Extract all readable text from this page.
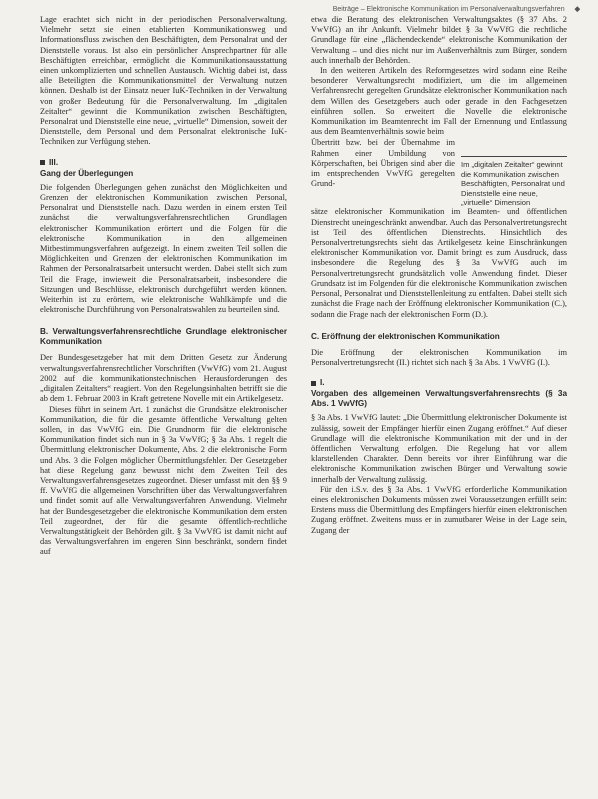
Beiträge – Elektronische Kommunikation im Personalverwaltungsverfahren ◆

Lage erachtet sich nicht in der periodischen Personalverwaltung. Vielmehr setzt sie einen etablierten Kommunikationsweg und Informationsfluss zwischen den Beschäftigten, dem Personalrat und der Dienststelle voraus. Ist also ein persönlicher Ansprechpartner für alle Beschäftigten erreichbar, ermöglicht die Kommunikationsausstattung einen unkomplizierten und schnellen Austausch. Wichtig dabei ist, dass alle Beteiligten die Kommunikationsmittel der Verwaltung nutzen können. Deshalb ist der Einsatz neuer IuK-Techniken in der Verwaltung von großer Bedeutung für die Personalverwaltung. Im „digitalen Zeitalter“ gewinnt die Kommunikation zwischen Beschäftigten, Personalrat und Dienststelle eine neue, „virtuelle“ Dimension, soweit der Dienststelle, dem Personal und dem Personalrat elektronische IuK-Techniken zur Verfügung stehen.

III.
Gang der Überlegungen

Die folgenden Überlegungen gehen zunächst den Möglichkeiten und Grenzen der elektronischen Kommunikation zwischen Personal, Personalrat und Dienststelle nach. Dazu werden in einem ersten Teil zunächst die verwaltungsverfahrensrechtlichen Grundlagen elektronischer Kommunikation erörtert und die Folgen für die elektronische Kommunikation in den allgemeinen Mitbestimmungsverfahren aufgezeigt. In einem zweiten Teil sollen die Möglichkeiten und Grenzen der elektronischen Kommunikation im Rahmen der Personalratsarbeit untersucht werden. Dabei stellt sich zum Teil die Frage, inwieweit die Personalratsarbeit, insbesondere die Sitzungen und Beschlüsse, elektronisch durchgeführt werden können. Weiterhin ist zu erörtern, wie elektronische Wahlkämpfe und die elektronische Durchführung von Personalratswahlen zu beurteilen sind.

B. Verwaltungsverfahrensrechtliche Grundlage elektronischer Kommunikation

Der Bundesgesetzgeber hat mit dem Dritten Gesetz zur Änderung verwaltungsverfahrensrechtlicher Vorschriften (VwVfG) vom 21. August 2002 auf die kommunikationstechnischen Herausforderungen des „digitalen Zeitalters“ reagiert. Von den Regelungsinhalten betrifft sie die ab dem 1. Februar 2003 in Kraft getretene Novelle mit ein Artikelgesetz.

Dieses führt in seinem Art. 1 zunächst die Grundsätze elektronischer Kommunikation, die für die gesamte öffentliche Verwaltung gelten sollen, in das VwVfG ein. Die Grundnorm für die elektronische Kommunikation findet sich nun in § 3a VwVfG; § 3a Abs. 1 regelt die Übermittlung elektronischer Dokumente, Abs. 2 die elektronische Form und Abs. 3 die Folgen möglicher Übermittlungsfehler. Der Gesetzgeber hat diese Regelung ganz bewusst nicht dem Zweiten Teil des Verwaltungsverfahrensgesetzes zugeordnet. Dieser umfasst mit den §§ 9 ff. VwVfG die allgemeinen Vorschriften über das Verwaltungsverfahren und findet somit auf alle Verwaltungsverfahren Anwendung. Vielmehr hat der Bundesgesetzgeber die elektronische Kommunikation dem ersten Teil zugeordnet, der für die gesamte öffentlich-rechtliche Verwaltungstätigkeit der Behörden gilt. § 3a VwVfG ist damit nicht auf das Verwaltungsverfahren im engeren Sinn beschränkt, sondern findet auf

etwa die Beratung des elektronischen Verwaltungsaktes (§ 37 Abs. 2 VwVfG) an ihr Ankunft. Vielmehr bildet § 3a VwVfG die rechtliche Grundlage für eine „flächendeckende“ elektronische Kommunikation der Verwaltung – und dies nicht nur im Außenverhältnis zum Bürger, sondern auch innerhalb der Behörden.

In den weiteren Artikeln des Reformgesetzes wird sodann eine Reihe besonderer Verwaltungsrecht modifiziert, um die im allgemeinen Verfahrensrecht geregelten Grundsätze elektronischer Kommunikation nach dem Willen des Gesetzgebers auch oder gerade in den Fachgesetzen einführen sollen. So erweitert die Novelle die elektronische Kommunikation im Beamtenrecht im Fall der Ernennung und Entlassung aus dem Beamtenverhältnis sowie beim

Übertritt bzw. bei der Übernahme im Rahmen einer Umbildung von Körperschaften, bei Übrigen sind aber die im entsprechenden VwVfG geregelten Grund-
Im „digitalen Zeitalter“ gewinnt die Kommunikation zwischen Beschäftigten, Personalrat und Dienststelle eine neue, „virtuelle“ Dimension

sätze elektronischer Kommunikation im Beamten- und öffentlichen Dienstrecht uneingeschränkt anwendbar. Auch das Personalvertretungsrecht ist Teil des öffentlichen Dienstrechts. Hinsichtlich des Personalvertretungsrechts sieht das Artikelgesetz keine Einschränkungen elektronischer Kommunikation vor. Damit bringt es zum Ausdruck, dass insbesondere die Regelung des § 3a VwVfG auch im Personalvertretungsrecht grundsätzlich volle Anwendung findet. Dieser Grundsatz ist im Folgenden für die elektronische Kommunikation zwischen Personal, Personalrat und Dienststellenleitung zu entfalten. Dabei stellt sich zunächst die Frage nach der Eröffnung elektronischer Kommunikation (C.), sodann die Frage nach der elektronischen Form (D.).

C. Eröffnung der elektronischen Kommunikation

Die Eröffnung der elektronischen Kommunikation im Personalvertretungsrecht (II.) richtet sich nach § 3a Abs. 1 VwVfG (I.).

I.
Vorgaben des allgemeinen Verwaltungsverfahrensrechts (§ 3a Abs. 1 VwVfG)

§ 3a Abs. 1 VwVfG lautet: „Die Übermittlung elektronischer Dokumente ist zulässig, soweit der Empfänger hierfür einen Zugang eröffnet.“ Auf dieser Grundlage will die elektronische Kommunikation mit der und in der öffentlichen Verwaltung erfolgen. Die Regelung hat vor allem klarstellenden Charakter. Denn bereits vor ihrer Einführung war die elektronische Kommunikation zwischen Bürger und Verwaltung sowie innerhalb der Verwaltung zulässig.

Für den i.S.v. des § 3a Abs. 1 VwVfG erforderliche Kommunikation eines elektronischen Dokuments müssen zwei Voraussetzungen erfüllt sein: Erstens muss die Übermittlung des Empfängers hierfür einen elektronischen Zugang eröffnet. Zweitens muss er in zumutbarer Weise in der Lage sein, Zugang der
